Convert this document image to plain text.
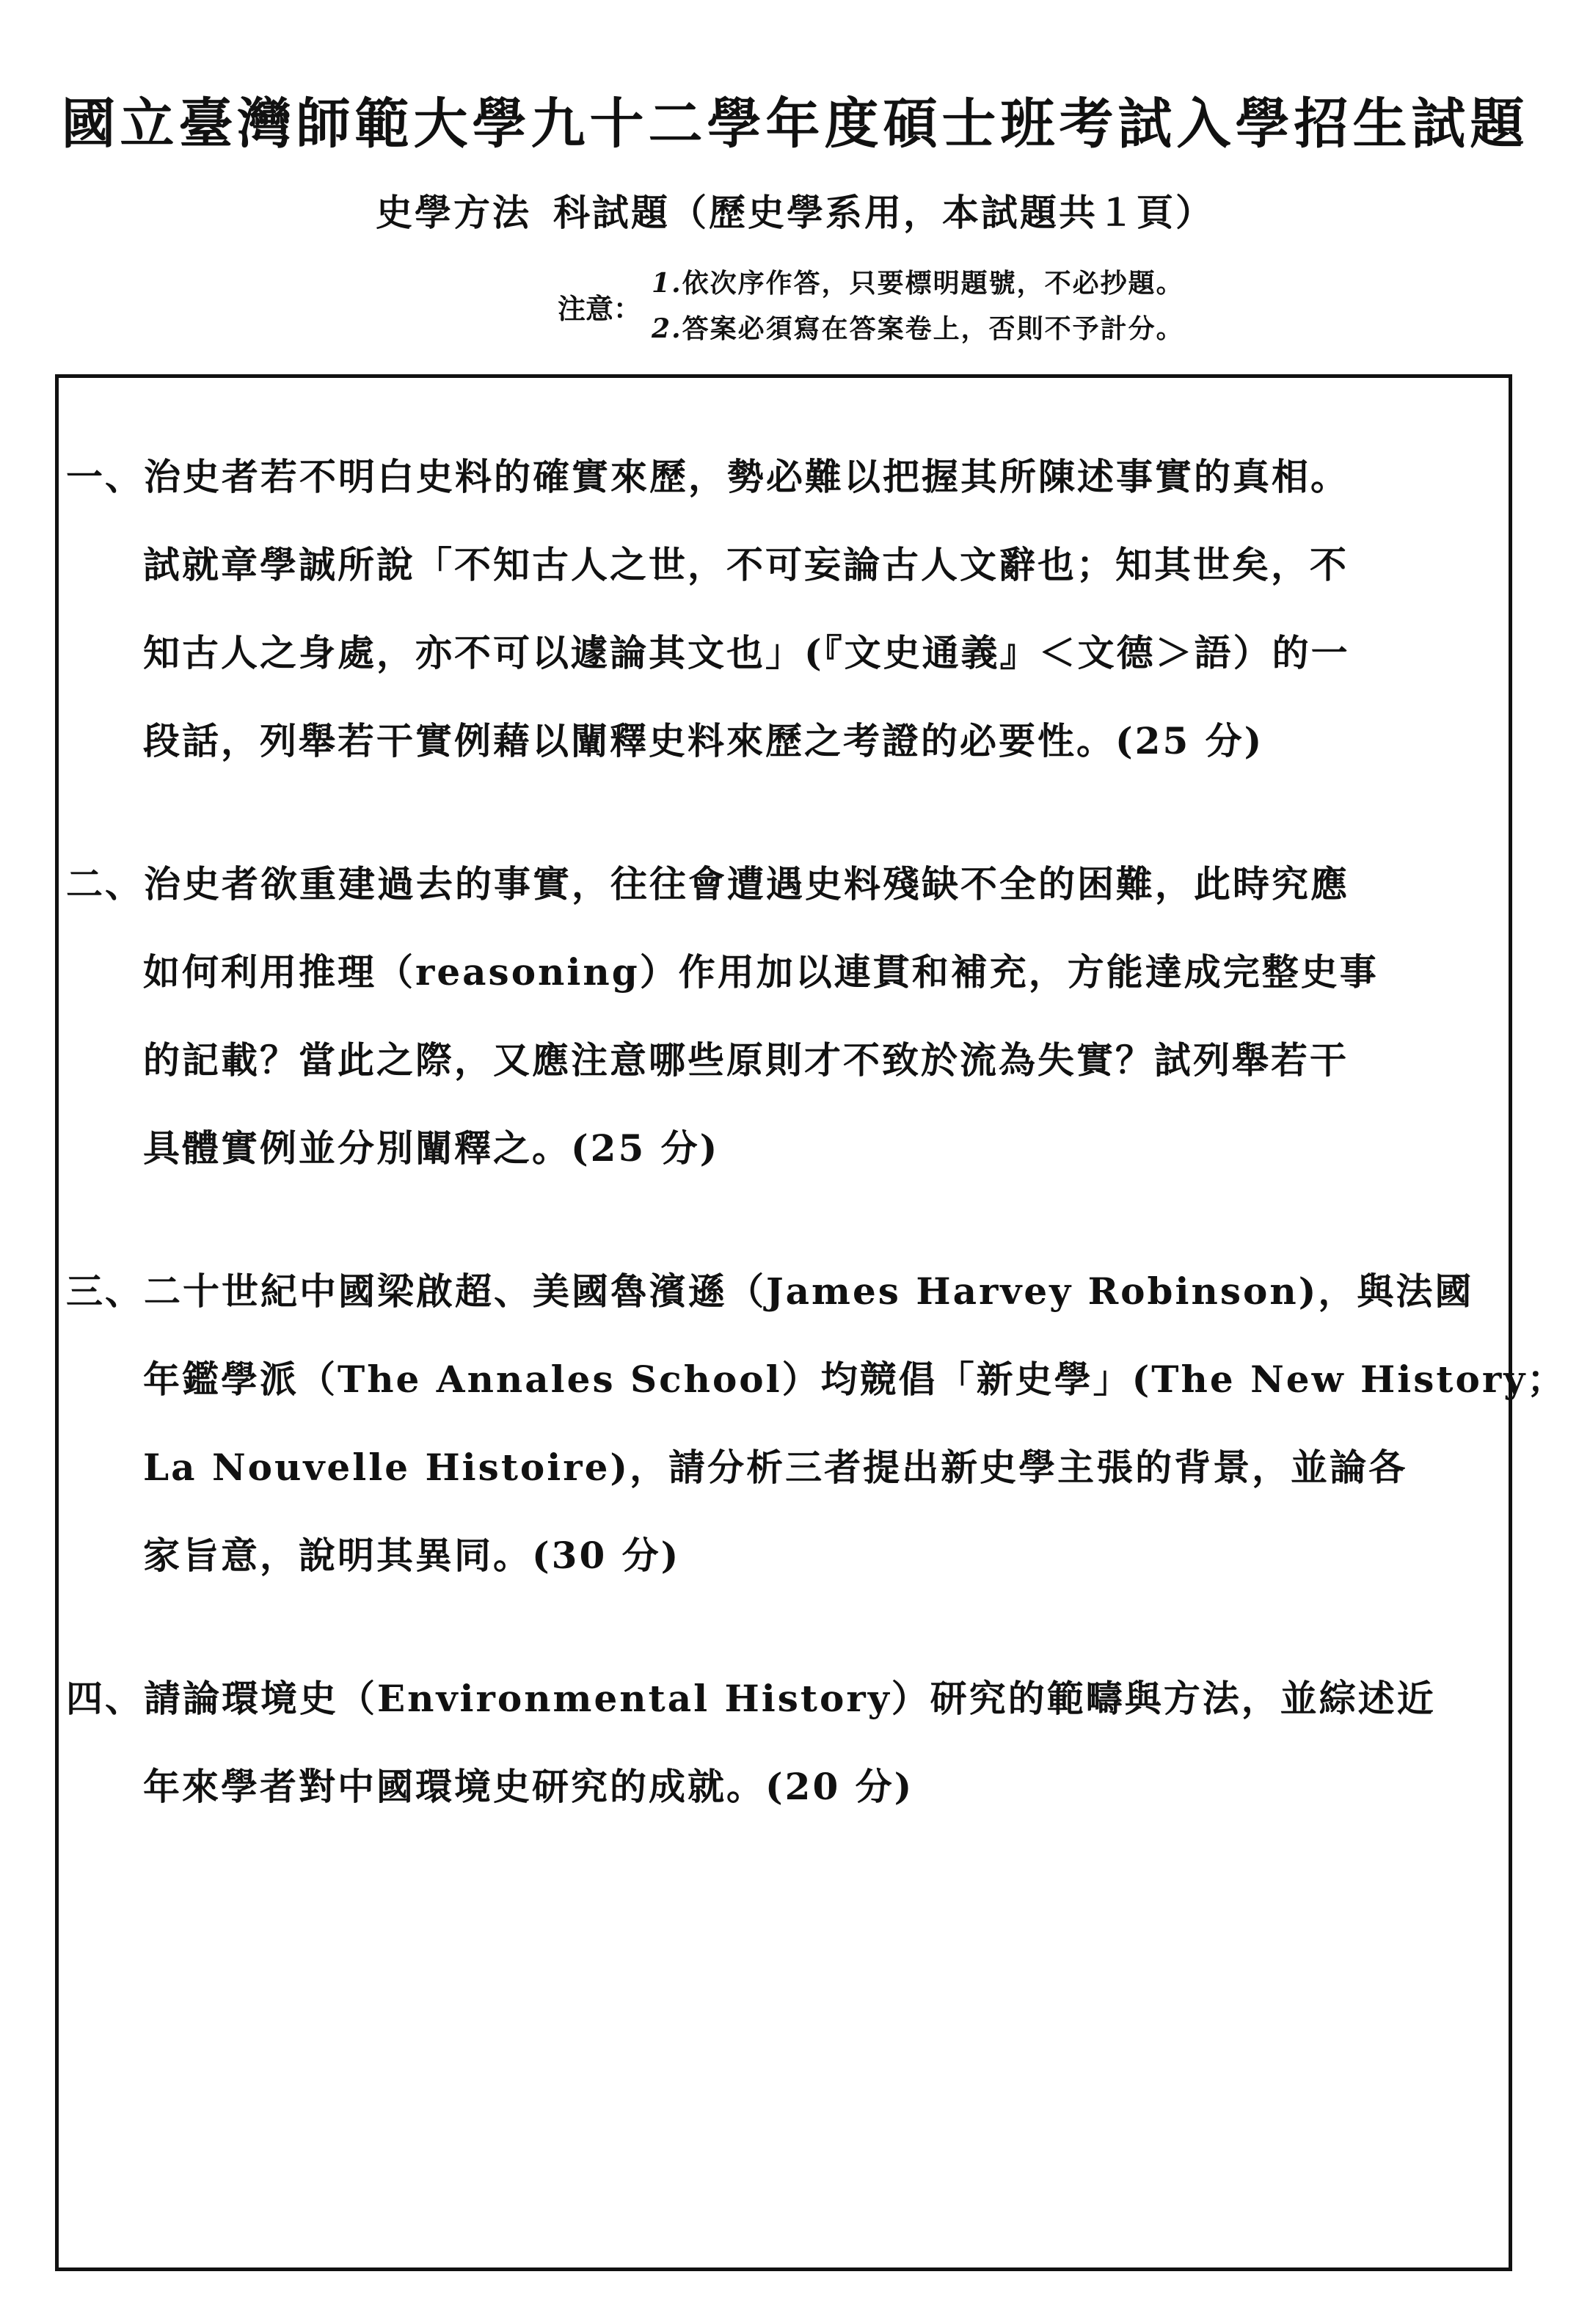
國立臺灣師範大學九十二學年度碩士班考試入學招生試題
史學方法 科試題（歷史學系用，本試題共１頁）
注意：
1.依次序作答，只要標明題號，不必抄題。
2.答案必須寫在答案卷上，否則不予計分。
一、治史者若不明白史料的確實來歷，勢必難以把握其所陳述事實的真相。
試就章學誠所說「不知古人之世，不可妄論古人文辭也；知其世矣，不
知古人之身處，亦不可以遽論其文也」(『文史通義』＜文德＞語）的一
段話，列舉若干實例藉以闡釋史料來歷之考證的必要性。(25 分)
二、治史者欲重建過去的事實，往往會遭遇史料殘缺不全的困難，此時究應
如何利用推理（reasoning）作用加以連貫和補充，方能達成完整史事
的記載？當此之際，又應注意哪些原則才不致於流為失實？試列舉若干
具體實例並分別闡釋之。(25 分)
三、二十世紀中國梁啟超、美國魯濱遜（James Harvey Robinson)，與法國
年鑑學派（The Annales School）均競倡「新史學」(The New History；
La Nouvelle Histoire)，請分析三者提出新史學主張的背景，並論各
家旨意，說明其異同。(30 分)
四、請論環境史（Environmental History）研究的範疇與方法，並綜述近
年來學者對中國環境史研究的成就。(20 分)
